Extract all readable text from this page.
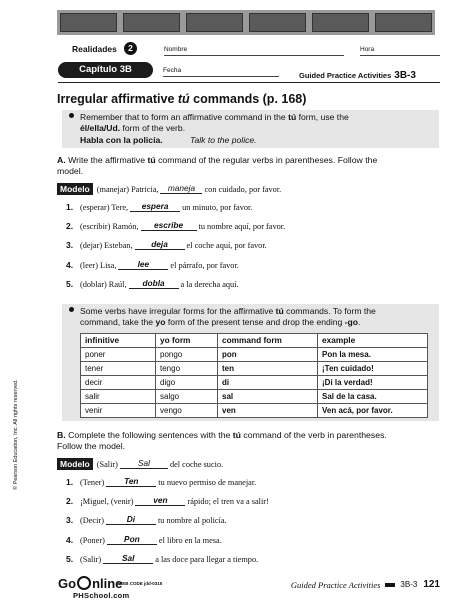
Realidades	2	Nombre	Hora
Capítulo 3B	Fecha
Guided Practice Activities 3B-3
Irregular affirmative tú commands (p. 168)
Remember that to form an affirmative command in the tú form, use the
él/ella/Ud. form of the verb.
Habla con la policía.	Talk to the police.
A. Write the affirmative tú command of the regular verbs in parentheses. Follow the
model.
Modelo (manejar) Patricia,	maneja	con cuidado, por favor.
1. (esperar) Tere,	espera	un minuto, por favor.
2. (escribir) Ramón,	escribe	tu nombre aquí, por favor.
3. (dejar) Esteban,	deja	el coche aquí, por favor.
4. (leer) Lisa,	lee	el párrafo, por favor.
5. (doblar) Raúl,	dobla	a la derecha aquí.
Some verbs have irregular forms for the affirmative tú commands. To form the
command, take the yo form of the present tense and drop the ending -go.
infinitive	yo form	command form	example
poner	pongo	pon	Pon la mesa.
tener	tengo	ten	¡Ten cuidado!
decir	digo	di	¡Di la verdad!
salir	salgo	sal	Sal de la casa.
venir	vengo	ven	Ven acá, por favor.
B. Complete the following sentences with the tú command of the verb in parentheses.
Follow the model.
Modelo (Salir)	Sal	del coche sucio.
1. (Tener)	Ten	tu nuevo permiso de manejar.
2. ¡Miguel, (venir)	ven	rápido; el tren va a salir!
3. (Decir)	Di	tu nombre al policía.
4. (Poner)	Pon	el libro en la mesa.
5. (Salir)	Sal	a las doce para llegar a tiempo.
© Pearson Education, Inc. All rights reserved.
Go nline
WEB CODE jdd-0315
PHSchool.com
Guided Practice Activities	3B-3 121
